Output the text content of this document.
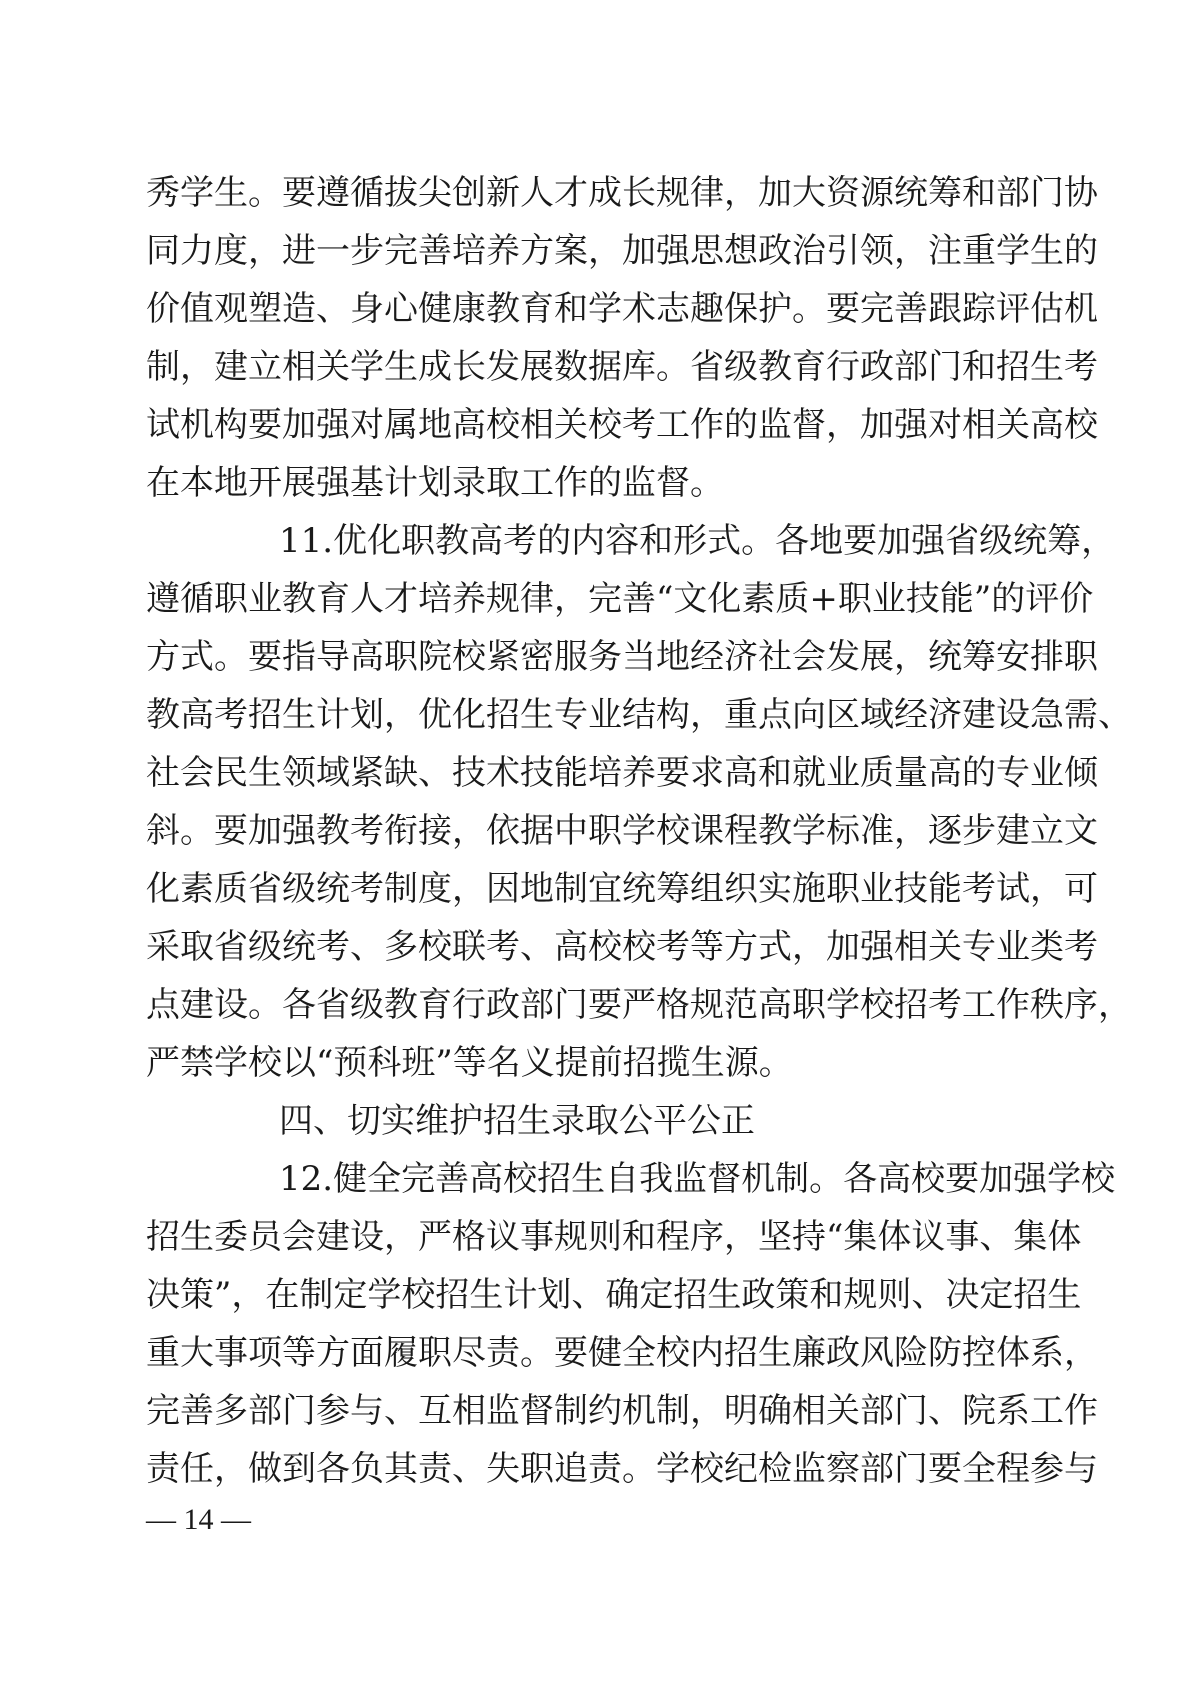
秀学生。要遵循拔尖创新人才成长规律，加大资源统筹和部门协
同力度，进一步完善培养方案，加强思想政治引领，注重学生的
价值观塑造、身心健康教育和学术志趣保护。要完善跟踪评估机
制，建立相关学生成长发展数据库。省级教育行政部门和招生考
试机构要加强对属地高校相关校考工作的监督，加强对相关高校
在本地开展强基计划录取工作的监督。
11.优化职教高考的内容和形式。各地要加强省级统筹，
遵循职业教育人才培养规律，完善“文化素质+职业技能”的评价
方式。要指导高职院校紧密服务当地经济社会发展，统筹安排职
教高考招生计划，优化招生专业结构，重点向区域经济建设急需、
社会民生领域紧缺、技术技能培养要求高和就业质量高的专业倾
斜。要加强教考衔接，依据中职学校课程教学标准，逐步建立文
化素质省级统考制度，因地制宜统筹组织实施职业技能考试，可
采取省级统考、多校联考、高校校考等方式，加强相关专业类考
点建设。各省级教育行政部门要严格规范高职学校招考工作秩序，
严禁学校以“预科班”等名义提前招揽生源。
四、切实维护招生录取公平公正
12.健全完善高校招生自我监督机制。各高校要加强学校
招生委员会建设，严格议事规则和程序，坚持“集体议事、集体
决策”，在制定学校招生计划、确定招生政策和规则、决定招生
重大事项等方面履职尽责。要健全校内招生廉政风险防控体系，
完善多部门参与、互相监督制约机制，明确相关部门、院系工作
责任，做到各负其责、失职追责。学校纪检监察部门要全程参与
— 14 —
